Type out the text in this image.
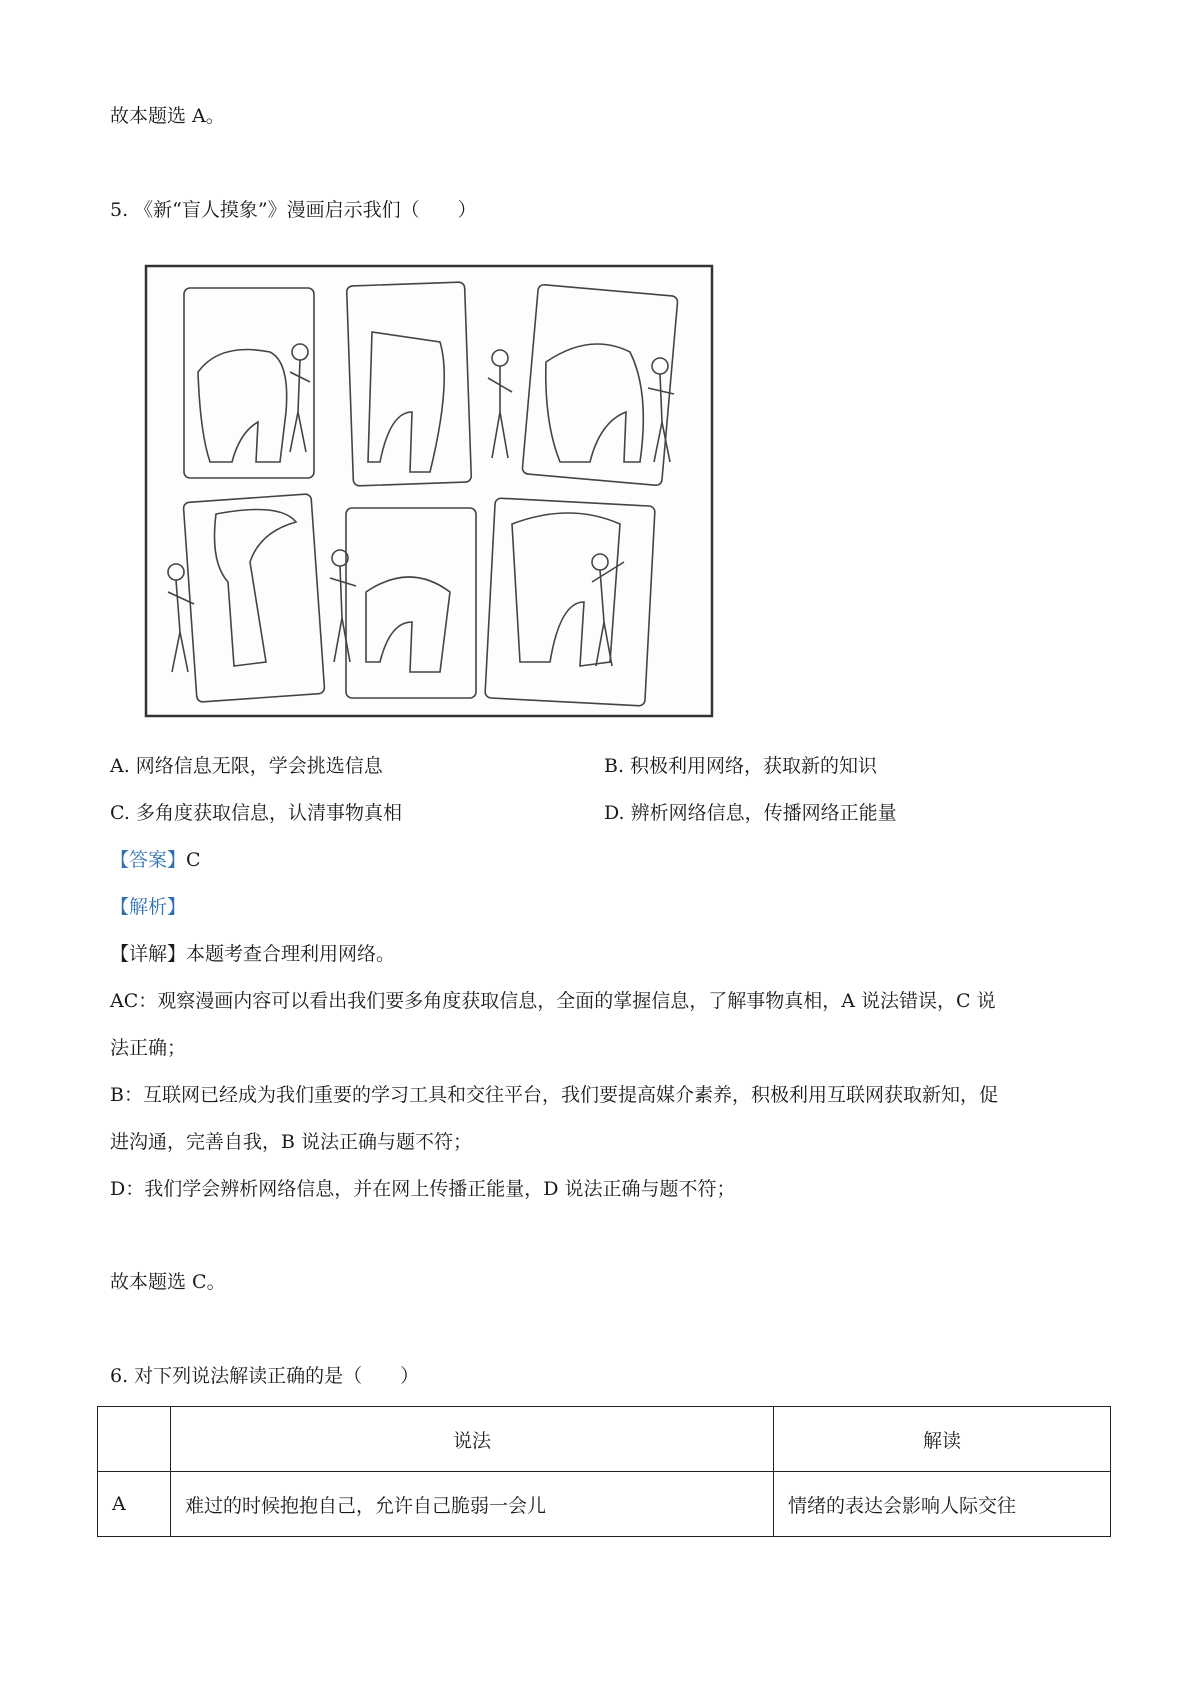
故本题选 A。
5. 《新“盲人摸象”》漫画启示我们（　　）
A. 网络信息无限，学会挑选信息	B. 积极利用网络，获取新的知识
C. 多角度获取信息，认清事物真相	D. 辨析网络信息，传播网络正能量
【答案】C
【解析】
【详解】本题考查合理利用网络。
AC：观察漫画内容可以看出我们要多角度获取信息，全面的掌握信息，了解事物真相，A 说法错误，C 说
法正确；
B：互联网已经成为我们重要的学习工具和交往平台，我们要提高媒介素养，积极利用互联网获取新知，促
进沟通，完善自我，B 说法正确与题不符；
D：我们学会辨析网络信息，并在网上传播正能量，D 说法正确与题不符；
故本题选 C。
6. 对下列说法解读正确的是（　　）
	说法	解读
A	难过的时候抱抱自己，允许自己脆弱一会儿	情绪的表达会影响人际交往
